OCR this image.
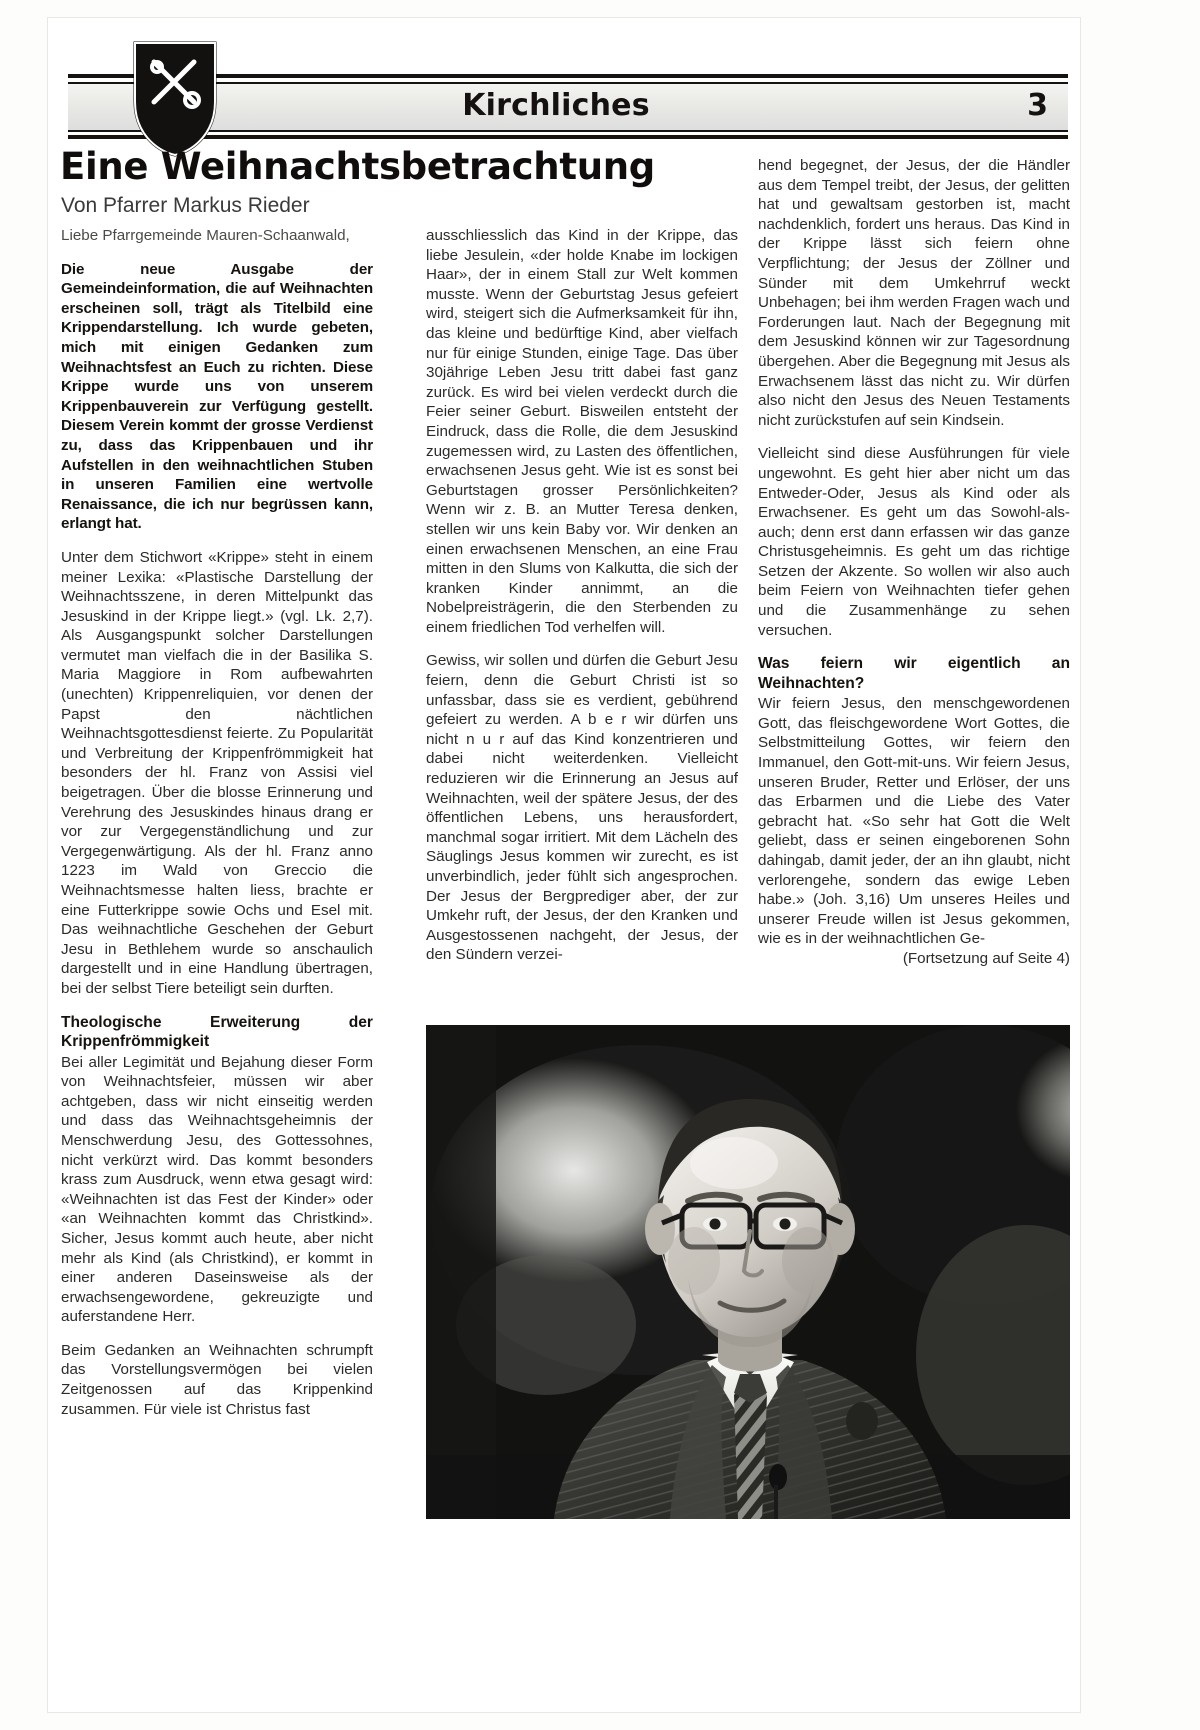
Kirchliches	3
Eine Weihnachtsbetrachtung
Von Pfarrer Markus Rieder

Liebe Pfarrgemeinde Mauren-Schaanwald,

Die neue Ausgabe der Gemeindeinformation, die auf Weihnachten erscheinen soll, trägt als Titelbild eine Krippendarstellung. Ich wurde gebeten, mich mit einigen Gedanken zum Weihnachtsfest an Euch zu richten. Diese Krippe wurde uns von unserem Krippenbauverein zur Verfügung gestellt. Diesem Verein kommt der grosse Verdienst zu, dass das Krippenbauen und ihr Aufstellen in den weihnachtlichen Stuben in unseren Familien eine wertvolle Renaissance, die ich nur begrüssen kann, erlangt hat.

Unter dem Stichwort «Krippe» steht in einem meiner Lexika: «Plastische Darstellung der Weihnachtsszene, in deren Mittelpunkt das Jesuskind in der Krippe liegt.» (vgl. Lk. 2,7). Als Ausgangspunkt solcher Darstellungen vermutet man vielfach die in der Basilika S. Maria Maggiore in Rom aufbewahrten (unechten) Krippenreliquien, vor denen der Papst den nächtlichen Weihnachtsgottesdienst feierte. Zu Popularität und Verbreitung der Krippenfrömmigkeit hat besonders der hl. Franz von Assisi viel beigetragen. Über die blosse Erinnerung und Verehrung des Jesuskindes hinaus drang er vor zur Vergegenständlichung und zur Vergegenwärtigung. Als der hl. Franz anno 1223 im Wald von Greccio die Weihnachtsmesse halten liess, brachte er eine Futterkrippe sowie Ochs und Esel mit. Das weihnachtliche Geschehen der Geburt Jesu in Bethlehem wurde so anschaulich dargestellt und in eine Handlung übertragen, bei der selbst Tiere beteiligt sein durften.

Theologische Erweiterung der Krippenfrömmigkeit

Bei aller Legimität und Bejahung dieser Form von Weihnachtsfeier, müssen wir aber achtgeben, dass wir nicht einseitig werden und dass das Weihnachtsgeheimnis der Menschwerdung Jesu, des Gottessohnes, nicht verkürzt wird. Das kommt besonders krass zum Ausdruck, wenn etwa gesagt wird: «Weihnachten ist das Fest der Kinder» oder «an Weihnachten kommt das Christkind». Sicher, Jesus kommt auch heute, aber nicht mehr als Kind (als Christkind), er kommt in einer anderen Daseinsweise als der erwachsengewordene, gekreuzigte und auferstandene Herr.

Beim Gedanken an Weihnachten schrumpft das Vorstellungsvermögen bei vielen Zeitgenossen auf das Krippenkind zusammen. Für viele ist Christus fast

ausschliesslich das Kind in der Krippe, das liebe Jesulein, «der holde Knabe im lockigen Haar», der in einem Stall zur Welt kommen musste. Wenn der Geburtstag Jesus gefeiert wird, steigert sich die Aufmerksamkeit für ihn, das kleine und bedürftige Kind, aber vielfach nur für einige Stunden, einige Tage. Das über 30jährige Leben Jesu tritt dabei fast ganz zurück. Es wird bei vielen verdeckt durch die Feier seiner Geburt. Bisweilen entsteht der Eindruck, dass die Rolle, die dem Jesuskind zugemessen wird, zu Lasten des öffentlichen, erwachsenen Jesus geht. Wie ist es sonst bei Geburtstagen grosser Persönlichkeiten? Wenn wir z. B. an Mutter Teresa denken, stellen wir uns kein Baby vor. Wir denken an einen erwachsenen Menschen, an eine Frau mitten in den Slums von Kalkutta, die sich der kranken Kinder annimmt, an die Nobelpreisträgerin, die den Sterbenden zu einem friedlichen Tod verhelfen will.

Gewiss, wir sollen und dürfen die Geburt Jesu feiern, denn die Geburt Christi ist so unfassbar, dass sie es verdient, gebührend gefeiert zu werden. A b e r wir dürfen uns nicht n u r auf das Kind konzentrieren und dabei nicht weiterdenken. Vielleicht reduzieren wir die Erinnerung an Jesus auf Weihnachten, weil der spätere Jesus, der des öffentlichen Lebens, uns herausfordert, manchmal sogar irritiert. Mit dem Lächeln des Säuglings Jesus kommen wir zurecht, es ist unverbindlich, jeder fühlt sich angesprochen. Der Jesus der Bergprediger aber, der zur Umkehr ruft, der Jesus, der den Kranken und Ausgestossenen nachgeht, der Jesus, der den Sündern verzei-

hend begegnet, der Jesus, der die Händler aus dem Tempel treibt, der Jesus, der gelitten hat und gewaltsam gestorben ist, macht nachdenklich, fordert uns heraus. Das Kind in der Krippe lässt sich feiern ohne Verpflichtung; der Jesus der Zöllner und Sünder mit dem Umkehrruf weckt Unbehagen; bei ihm werden Fragen wach und Forderungen laut. Nach der Begegnung mit dem Jesuskind können wir zur Tagesordnung übergehen. Aber die Begegnung mit Jesus als Erwachsenem lässt das nicht zu. Wir dürfen also nicht den Jesus des Neuen Testaments nicht zurückstufen auf sein Kindsein.

Vielleicht sind diese Ausführungen für viele ungewohnt. Es geht hier aber nicht um das Entweder-Oder, Jesus als Kind oder als Erwachsener. Es geht um das Sowohl-als-auch; denn erst dann erfassen wir das ganze Christusgeheimnis. Es geht um das richtige Setzen der Akzente. So wollen wir also auch beim Feiern von Weihnachten tiefer gehen und die Zusammenhänge zu sehen versuchen.

Was feiern wir eigentlich an Weihnachten?

Wir feiern Jesus, den menschgewordenen Gott, das fleischgewordene Wort Gottes, die Selbstmitteilung Gottes, wir feiern den Immanuel, den Gott-mit-uns. Wir feiern Jesus, unseren Bruder, Retter und Erlöser, der uns das Erbarmen und die Liebe des Vater gebracht hat. «So sehr hat Gott die Welt geliebt, dass er seinen eingeborenen Sohn dahingab, damit jeder, der an ihn glaubt, nicht verlorengehe, sondern das ewige Leben habe.» (Joh. 3,16) Um unseres Heiles und unserer Freude willen ist Jesus gekommen, wie es in der weihnachtlichen Ge-

(Fortsetzung auf Seite 4)
